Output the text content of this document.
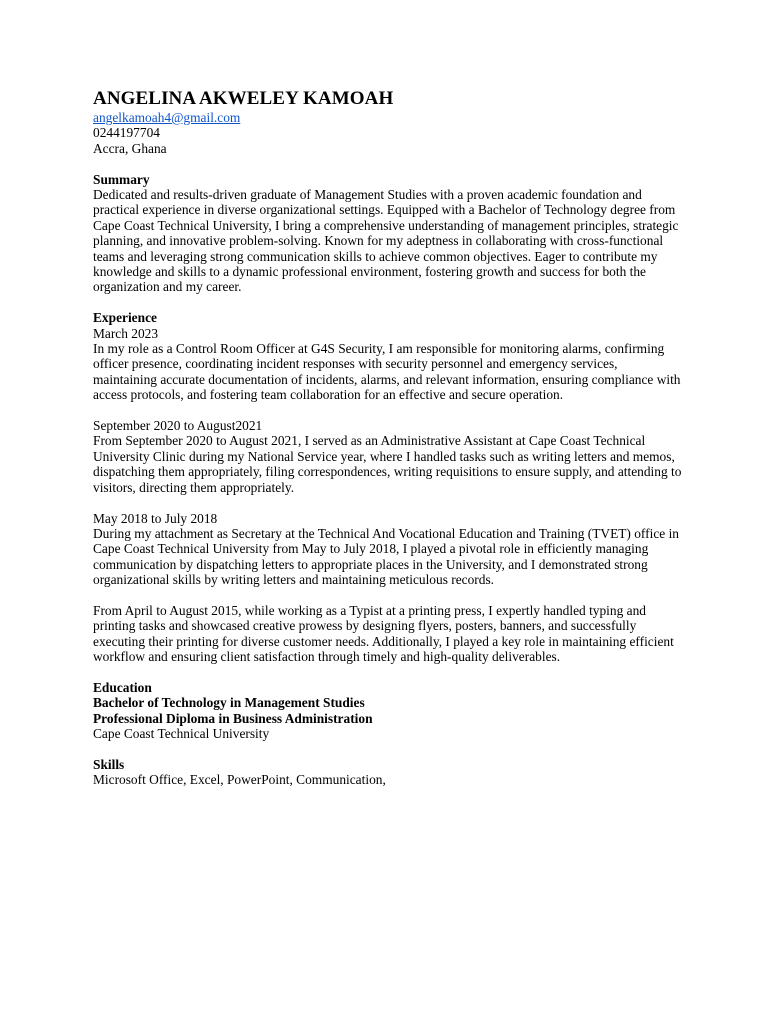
ANGELINA AKWELEY KAMOAH
angelkamoah4@gmail.com
0244197704
Accra, Ghana
Summary

Dedicated and results-driven graduate of Management Studies with a proven academic foundation and practical experience in diverse organizational settings. Equipped with a Bachelor of Technology degree from Cape Coast Technical University, I bring a comprehensive understanding of management principles, strategic planning, and innovative problem-solving. Known for my adeptness in collaborating with cross-functional teams and leveraging strong communication skills to achieve common objectives. Eager to contribute my knowledge and skills to a dynamic professional environment, fostering growth and success for both the organization and my career.

Experience
March 2023

In my role as a Control Room Officer at G4S Security, I am responsible for monitoring alarms, confirming officer presence, coordinating incident responses with security personnel and emergency services, maintaining accurate documentation of incidents, alarms, and relevant information, ensuring compliance with access protocols, and fostering team collaboration for an effective and secure operation.

September 2020 to August2021

From September 2020 to August 2021, I served as an Administrative Assistant at Cape Coast Technical University Clinic during my National Service year, where I handled tasks such as writing letters and memos, dispatching them appropriately, filing correspondences, writing requisitions to ensure supply, and attending to visitors, directing them appropriately.

May 2018 to July 2018

During my attachment as Secretary at the Technical And Vocational Education and Training (TVET) office in Cape Coast Technical University from May to July 2018, I played a pivotal role in efficiently managing communication by dispatching letters to appropriate places in the University, and I demonstrated strong organizational skills by writing letters and maintaining meticulous records.

From April to August 2015, while working as a Typist at a printing press, I expertly handled typing and printing tasks and showcased creative prowess by designing flyers, posters, banners, and successfully executing their printing for diverse customer needs. Additionally, I played a key role in maintaining efficient workflow and ensuring client satisfaction through timely and high-quality deliverables.

Education
Bachelor of Technology in Management Studies
Professional Diploma in Business Administration
Cape Coast Technical University
Skills
Microsoft Office, Excel, PowerPoint, Communication,
